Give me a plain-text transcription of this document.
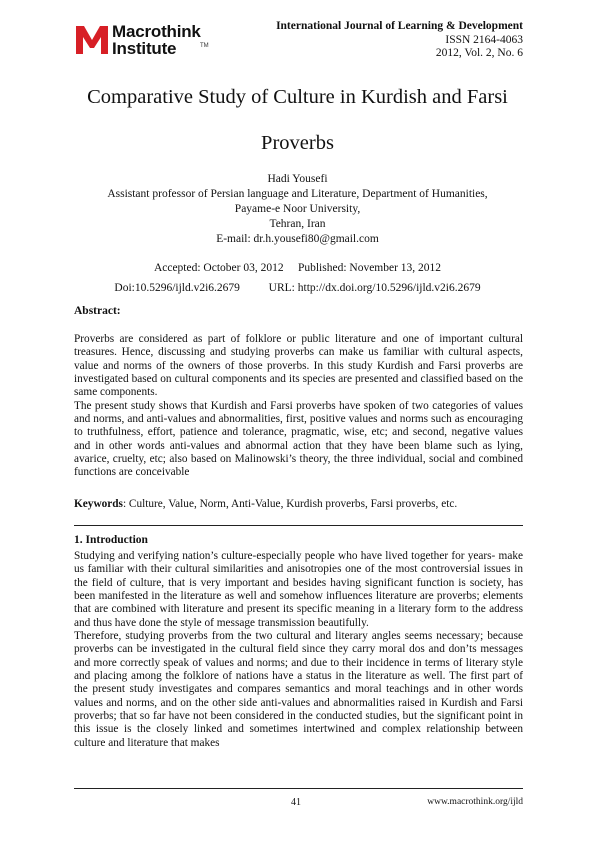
Macrothink
Institute	TM
International Journal of Learning & Development
ISSN 2164-4063
2012, Vol. 2, No. 6
Comparative Study of Culture in Kurdish and Farsi
Proverbs
Hadi Yousefi
Assistant professor of Persian language and Literature, Department of Humanities,
Payame-e Noor University,
Tehran, Iran
E-mail: dr.h.yousefi80@gmail.com
Accepted: October 03, 2012     Published: November 13, 2012
Doi:10.5296/ijld.v2i6.2679          URL: http://dx.doi.org/10.5296/ijld.v2i6.2679
Abstract:

Proverbs are considered as part of folklore or public literature and one of important cultural treasures. Hence, discussing and studying proverbs can make us familiar with cultural aspects, value and norms of the owners of those proverbs. In this study Kurdish and Farsi proverbs are investigated based on cultural components and its species are presented and classified based on the same components.

The present study shows that Kurdish and Farsi proverbs have spoken of two categories of values and norms, and anti-values and abnormalities, first, positive values and norms such as encouraging to truthfulness, effort, patience and tolerance, pragmatic, wise, etc; and second, negative values and in other words anti-values and abnormal action that they have been blame such as lying, avarice, cruelty, etc; also based on Malinowski’s theory, the three individual, social and combined functions are conceivable

Keywords: Culture, Value, Norm, Anti-Value, Kurdish proverbs, Farsi proverbs, etc.
1. Introduction

Studying and verifying nation’s culture-especially people who have lived together for years- make us familiar with their cultural similarities and anisotropies one of the most controversial issues in the field of culture, that is very important and besides having significant function is society, has been manifested in the literature as well and somehow influences literature are proverbs; elements that are combined with literature and present its specific meaning in a literary form to the address and thus have done the style of message transmission beautifully.

Therefore, studying proverbs from the two cultural and literary angles seems necessary; because proverbs can be investigated in the cultural field since they carry moral dos and don’ts messages and more correctly speak of values and norms; and due to their incidence in terms of literary style and placing among the folklore of nations have a status in the literature as well. The first part of the present study investigates and compares semantics and moral teachings and in other words values and norms, and on the other side anti-values and abnormalities raised in Kurdish and Farsi proverbs; that so far have not been considered in the conducted studies, but the significant point in this issue is the closely linked and sometimes intertwined and complex relationship between culture and literature that makes

41	www.macrothink.org/ijld
